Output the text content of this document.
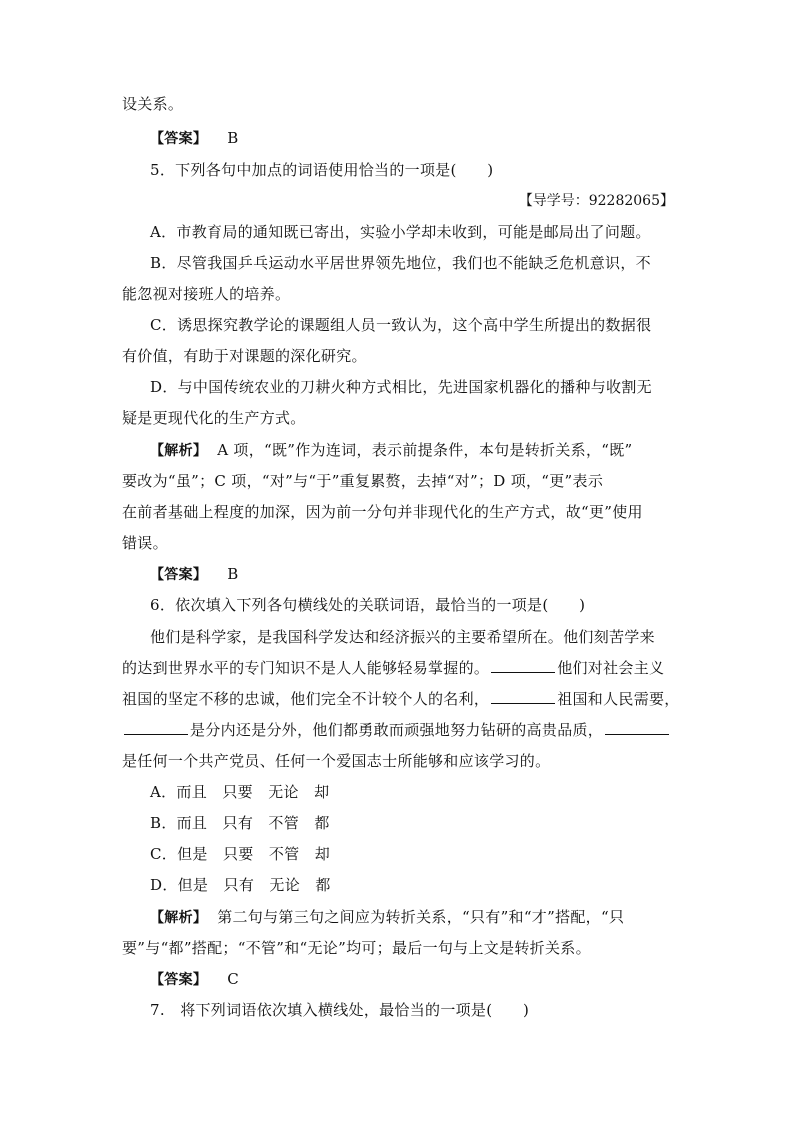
设关系。
【答案】 B
5．下列各句中加点的词语使用恰当的一项是(　　)
【导学号：92282065】
A．市教育局的通知既已寄出，实验小学却未收到，可能是邮局出了问题。
B．尽管我国乒乓运动水平居世界领先地位，我们也不能缺乏危机意识，不
能忽视对接班人的培养。
C．诱思探究教学论的课题组人员一致认为，这个高中学生所提出的数据很
有价值，有助于对课题的深化研究。
D．与中国传统农业的刀耕火种方式相比，先进国家机器化的播种与收割无
疑是更现代化的生产方式。
【解析】 A 项，“既”作为连词，表示前提条件，本句是转折关系，“既”
要改为“虽”；C 项，“对”与“于”重复累赘，去掉“对”；D 项，“更”表示
在前者基础上程度的加深，因为前一分句并非现代化的生产方式，故“更”使用
错误。
【答案】 B
6．依次填入下列各句横线处的关联词语，最恰当的一项是(　　)
他们是科学家，是我国科学发达和经济振兴的主要希望所在。他们刻苦学来
的达到世界水平的专门知识不是人人能够轻易掌握的。	他们对社会主义
祖国的坚定不移的忠诚，他们完全不计较个人的名利，	祖国和人民需要，
是分内还是分外，他们都勇敢而顽强地努力钻研的高贵品质，
是任何一个共产党员、任何一个爱国志士所能够和应该学习的。
A．而且　只要　无论　却
B．而且　只有　不管　都
C．但是　只要　不管　却
D．但是　只有　无论　都
【解析】 第二句与第三句之间应为转折关系，“只有”和“才”搭配，“只
要”与“都”搭配；“不管”和“无论”均可；最后一句与上文是转折关系。
【答案】 C
7.　将下列词语依次填入横线处，最恰当的一项是(　　)
